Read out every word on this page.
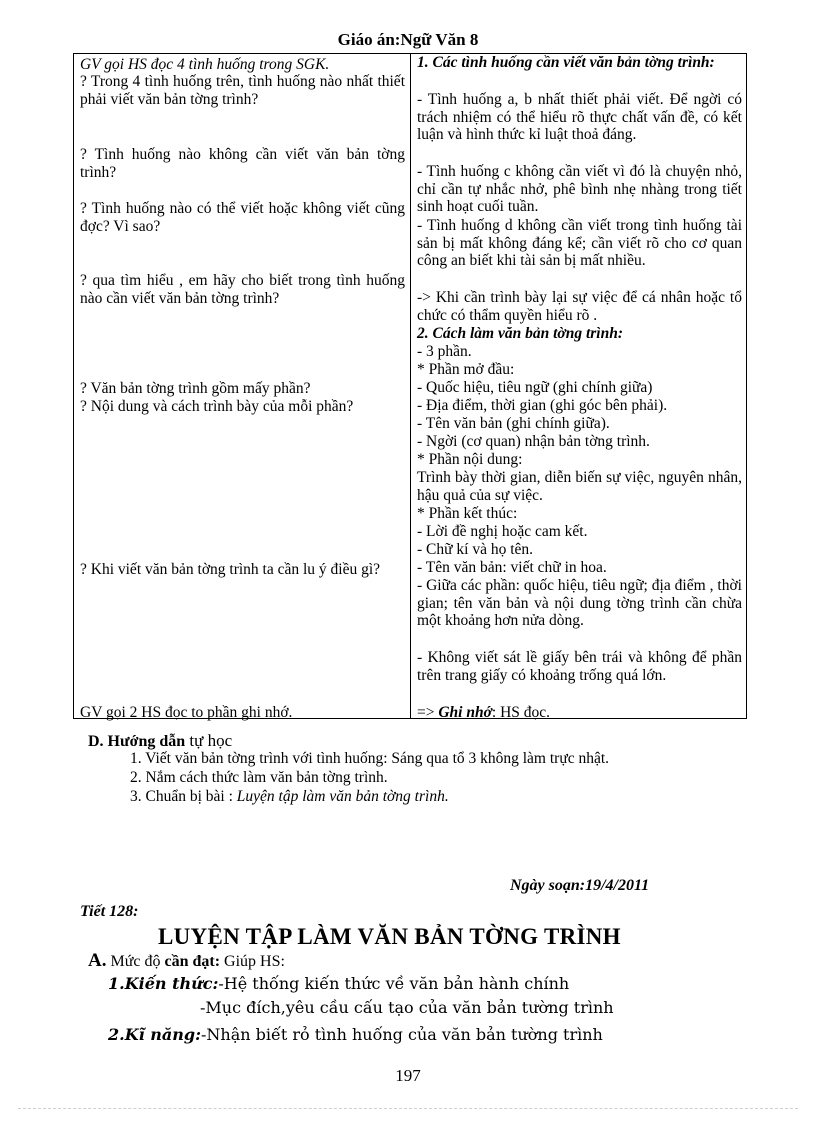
Giáo án:Ngữ Văn 8
GV gọi HS đọc 4 tình huống trong SGK.
? Trong 4 tình huống trên, tình huống nào nhất thiết phải viết văn bản tờng trình?
? Tình huống nào không cần viết văn bản tờng trình?
? Tình huống nào có thể viết hoặc không viết cũng đợc? Vì sao?
? qua tìm hiểu , em hãy cho biết trong tình huống nào cần viết văn bản tờng trình?
? Văn bản tờng trình gồm mấy phần?
? Nội dung và cách trình bày của mỗi phần?
? Khi viết văn bản tờng trình ta cần lu ý điều gì?
GV gọi 2 HS đọc to phần ghi nhớ.
1. Các tình huống cần viết văn bản tờng trình:
- Tình huống a, b nhất thiết phải viết. Để ngời có trách nhiệm có thể hiểu rõ thực chất vấn đề, có kết luận và hình thức kỉ luật thoả đáng.
- Tình huống c không cần viết vì đó là chuyện nhỏ, chỉ cần tự nhắc nhở, phê bình nhẹ nhàng trong tiết sinh hoạt cuối tuần.
- Tình huống d không cần viết trong tình huống tài sản bị mất không đáng kể; cần viết rõ cho cơ quan công an biết khi tài sản bị mất nhiều.
-> Khi cần trình bày lại sự việc để cá nhân hoặc tổ chức có thẩm quyền hiểu rõ .
2. Cách làm văn bản tờng trình:
- 3 phần.
* Phần mở đầu:
- Quốc hiệu, tiêu ngữ (ghi chính giữa)
- Địa điểm, thời gian (ghi góc bên phải).
- Tên văn bản (ghi chính giữa).
- Ngời (cơ quan) nhận bản tờng trình.
* Phần nội dung:
Trình bày thời gian, diễn biến sự việc, nguyên nhân, hậu quả của sự việc.
* Phần kết thúc:
- Lời đề nghị hoặc cam kết.
- Chữ kí và họ tên.
- Tên văn bản: viết chữ in hoa.
- Giữa các phần: quốc hiệu, tiêu ngữ; địa điểm , thời gian; tên văn bản và nội dung tờng trình cần chừa một khoảng hơn nửa dòng.
- Không viết sát lề giấy bên trái và không để phần trên trang giấy có khoảng trống quá lớn.
=> Ghi nhớ: HS đọc.
D. Hướng dẫn tự học
1. Viết văn bản tờng trình với tình huống: Sáng qua tổ 3 không làm trực nhật.
2. Nắm cách thức làm văn bản tờng trình.
3. Chuẩn bị bài : Luyện tập làm văn bản tờng trình.
Ngày soạn:19/4/2011
Tiết 128:
LUYỆN TẬP LÀM VĂN BẢN TỜNG TRÌNH
A. Mức độ cần đạt: Giúp HS:
1.Kiến thức:-Hệ thống kiến thức về văn bản hành chính
-Mục đích,yêu cầu cấu tạo của văn bản tường trình
2.Kĩ năng:-Nhận biết rỏ tình huống của văn bản tường trình
197
